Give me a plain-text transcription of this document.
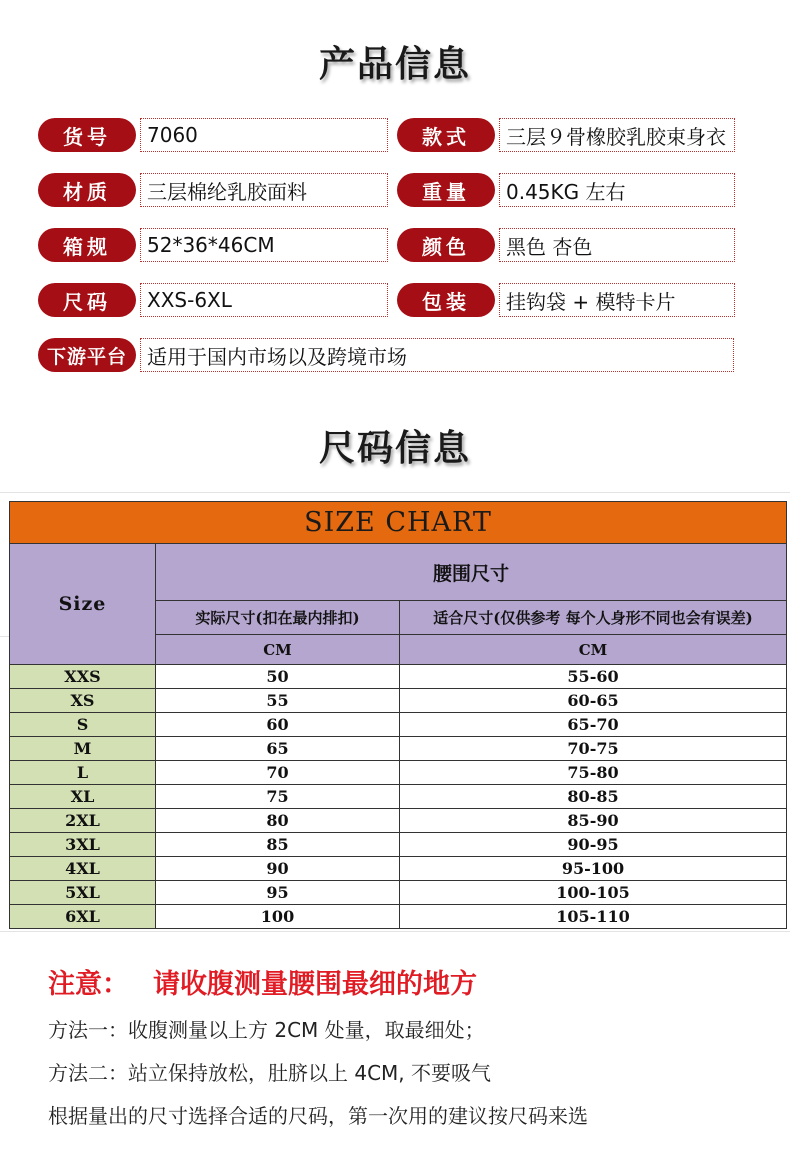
产品信息
货号	7060	款式	三层９骨橡胶乳胶束身衣
材质	三层棉纶乳胶面料	重量	0.45KG 左右
箱规	52*36*46CM	颜色	黑色 杏色
尺码	XXS-6XL	包装	挂钩袋 + 模特卡片
下游平台	适用于国内市场以及跨境市场
尺码信息
SIZE CHART		
Size	腰围尺寸	
	实际尺寸(扣在最内排扣)	适合尺寸(仅供参考 每个人身形不同也会有误差)
	CM	CM
XXS	50	55-60
XS	55	60-65
S	60	65-70
M	65	70-75
L	70	75-80
XL	75	80-85
2XL	80	85-90
3XL	85	90-95
4XL	90	95-100
5XL	95	100-105
6XL	100	105-110
注意： 请收腹测量腰围最细的地方
方法一：收腹测量以上方 2CM 处量，取最细处；
方法二：站立保持放松，肚脐以上 4CM, 不要吸气
根据量出的尺寸选择合适的尺码，第一次用的建议按尺码来选
